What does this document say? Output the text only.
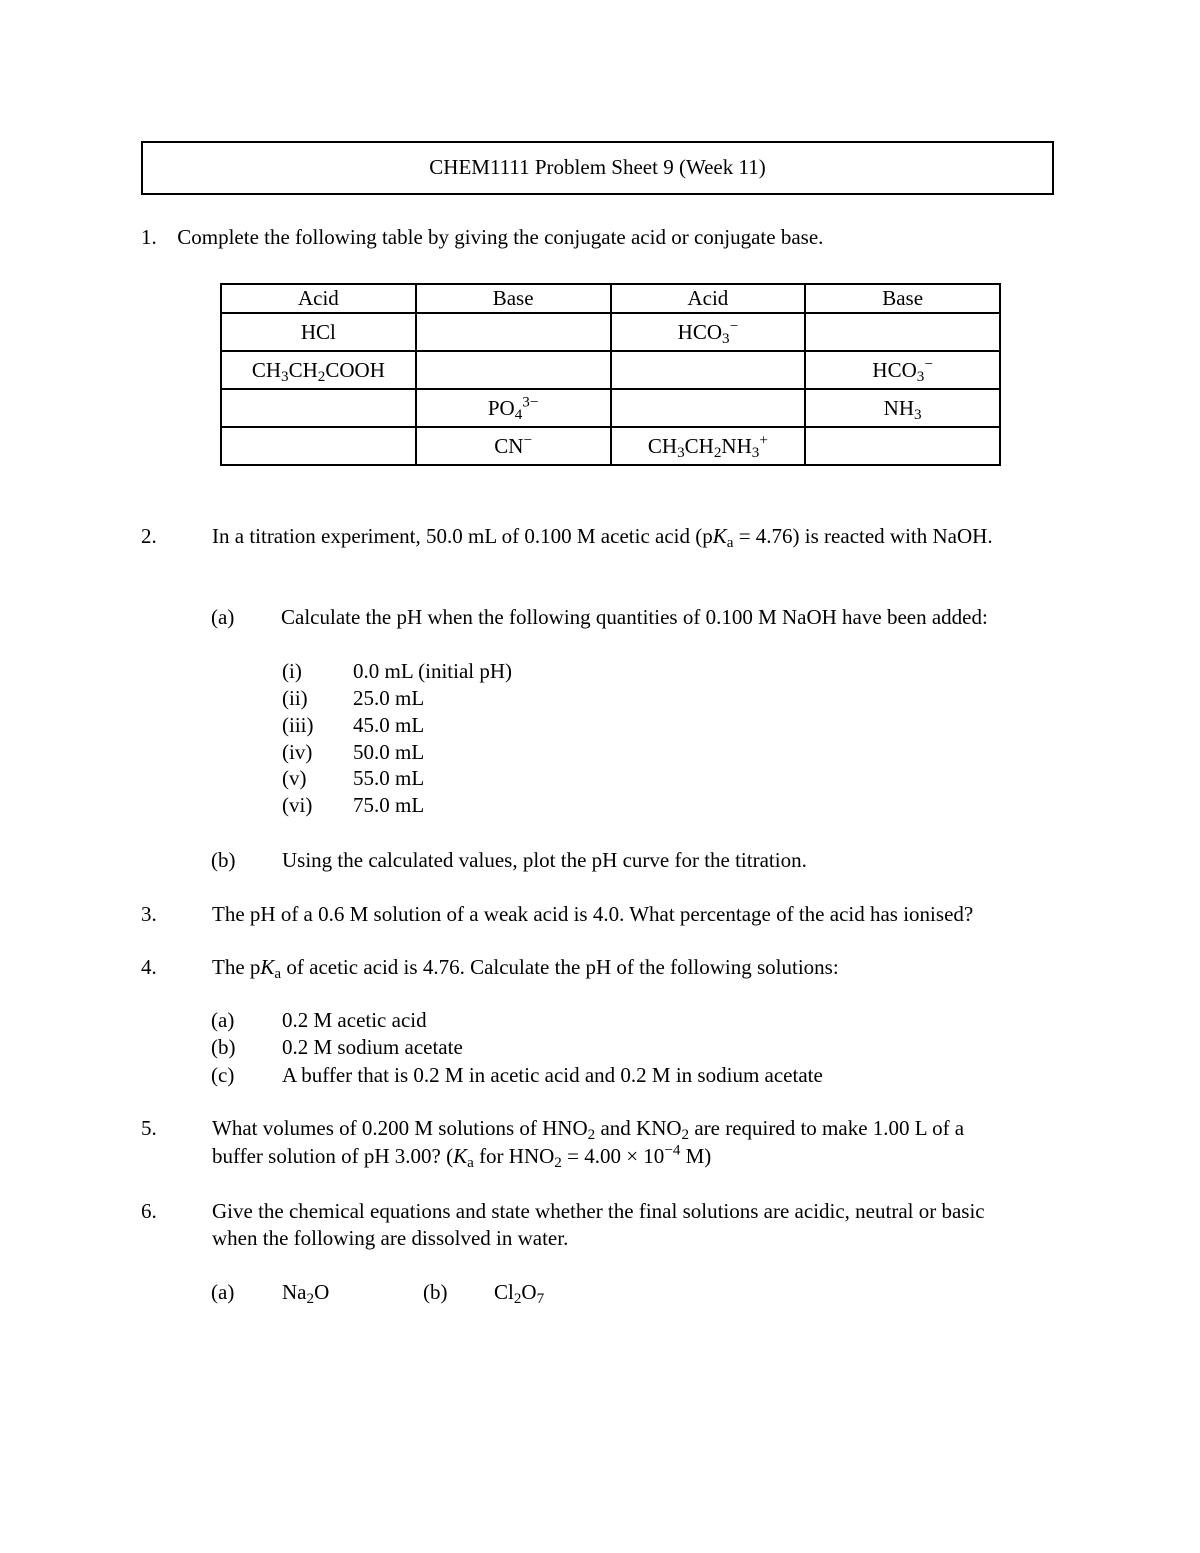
CHEM1111 Problem Sheet 9 (Week 11)
1. Complete the following table by giving the conjugate acid or conjugate base.
Acid	Base	Acid	Base
HCl		$HCO_3^-$	
$CH_3CH_2COOH$			$HCO_3^-$
	$PO_4^{3-}$		$NH_3$
	CN−	$CH_3CH_2NH_3^+$	
2.	In a titration experiment, 50.0 mL of 0.100 M acetic acid $(pK_a = 4.76)$ is reacted with NaOH.
(a) Calculate the pH when the following quantities of 0.100 M NaOH have been added:
(i) 0.0 mL (initial pH)
(ii) 25.0 mL
(iii) 45.0 mL
(iv) 50.0 mL
(v) 55.0 mL
(vi) 75.0 mL
(b) Using the calculated values, plot the pH curve for the titration.
3.	The pH of a 0.6 M solution of a weak acid is 4.0. What percentage of the acid has ionised?
4.	The $pK_a$ of acetic acid is 4.76. Calculate the pH of the following solutions:
(a) 0.2 M acetic acid
(b) 0.2 M sodium acetate
(c) A buffer that is 0.2 M in acetic acid and 0.2 M in sodium acetate
5.	What volumes of 0.200 M solutions of $HNO_2$ and $KNO_2$ are required to make 1.00 L of a
buffer solution of pH 3.00? ($K_a$ for $HNO_2 = 4.00 \times 10^{-4}$ M)
6.	Give the chemical equations and state whether the final solutions are acidic, neutral or basic
when the following are dissolved in water.
(a) $Na_2O$	(b) $Cl_2O_7$
